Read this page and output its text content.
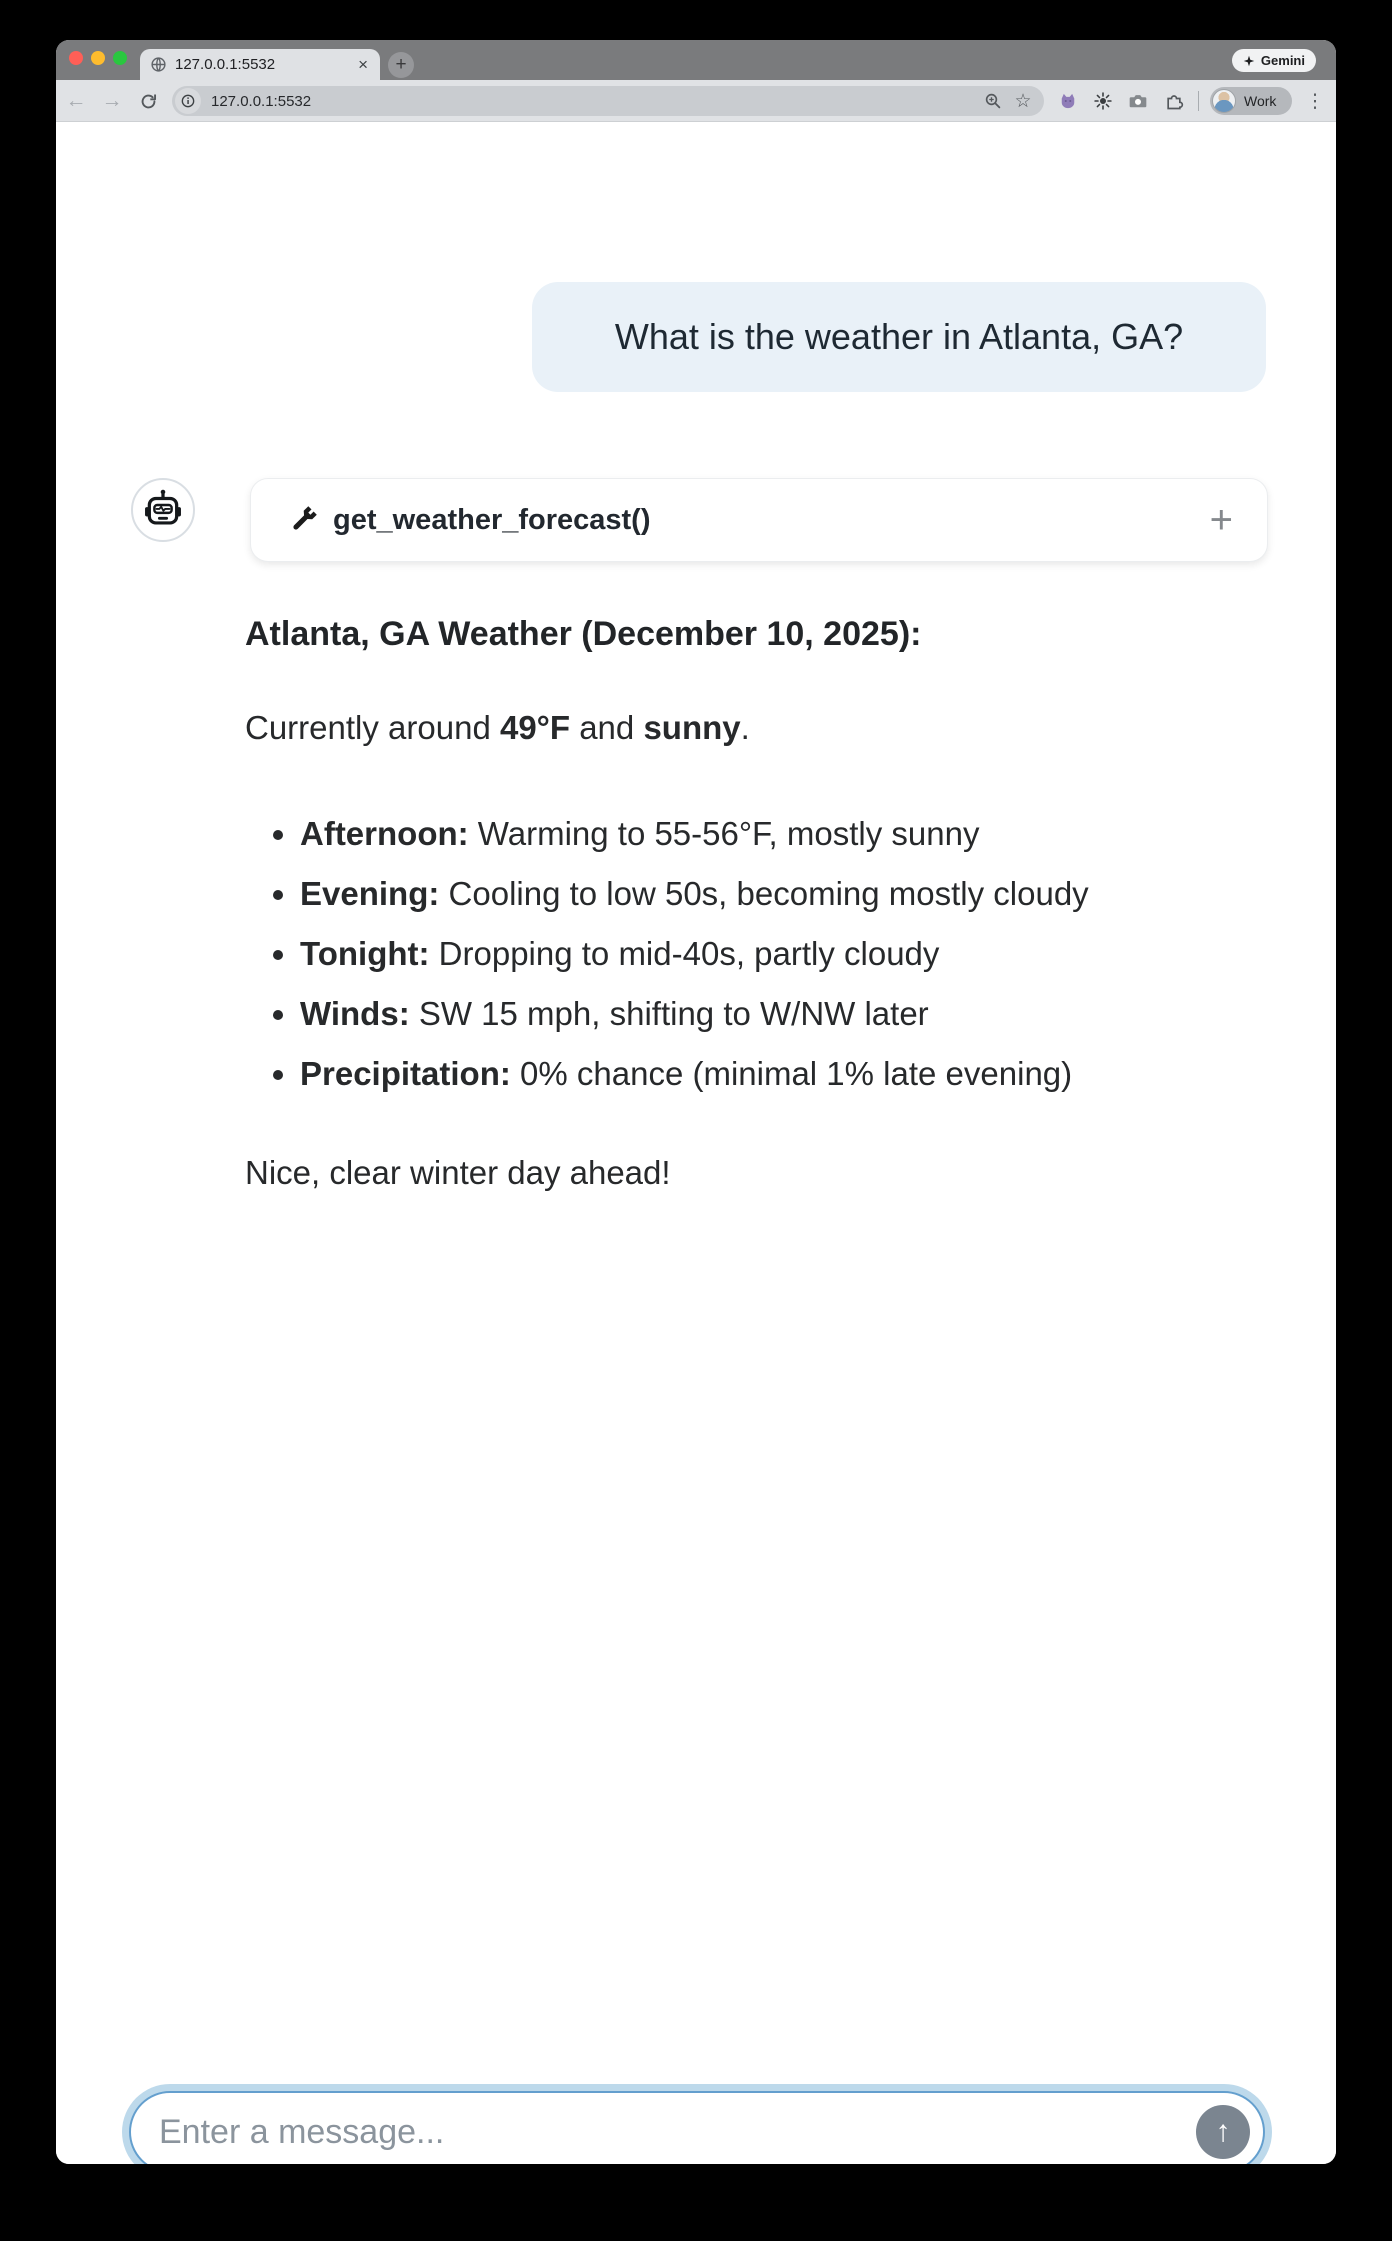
127.0.0.1:5532	×	+	Gemini
← →	127.0.0.1:5532	☆	Work ⋮
What is the weather in Atlanta, GA?
get_weather_forecast()	+
Atlanta, GA Weather (December 10, 2025):

Currently around 49°F and sunny.

• Afternoon: Warming to 55-56°F, mostly sunny
• Evening: Cooling to low 50s, becoming mostly cloudy
• Tonight: Dropping to mid-40s, partly cloudy
• Winds: SW 15 mph, shifting to W/NW later
• Precipitation: 0% chance (minimal 1% late evening)

Nice, clear winter day ahead!

Enter a message...
↑
